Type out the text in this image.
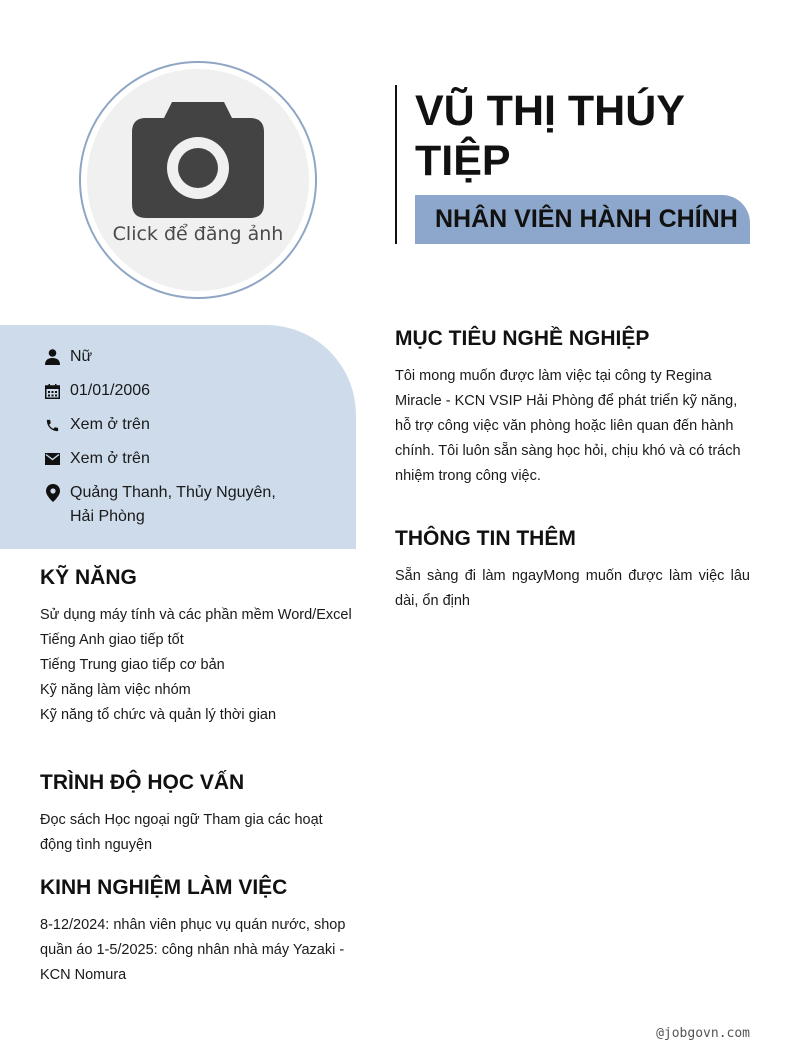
Click để đăng ảnh
VŨ THỊ THÚY TIỆP
NHÂN VIÊN HÀNH CHÍNH
Nữ
01/01/2006
Xem ở trên
Xem ở trên
Quảng Thanh, Thủy Nguyên, Hải Phòng
KỸ NĂNG
Sử dụng máy tính và các phần mềm Word/Excel
Tiếng Anh giao tiếp tốt
Tiếng Trung giao tiếp cơ bản
Kỹ năng làm việc nhóm
Kỹ năng tổ chức và quản lý thời gian
TRÌNH ĐỘ HỌC VẤN
Đọc sách Học ngoại ngữ Tham gia các hoạt động tình nguyện
KINH NGHIỆM LÀM VIỆC
8-12/2024: nhân viên phục vụ quán nước, shop quần áo 1-5/2025: công nhân nhà máy Yazaki - KCN Nomura
MỤC TIÊU NGHỀ NGHIỆP
Tôi mong muốn được làm việc tại công ty Regina Miracle - KCN VSIP Hải Phòng để phát triển kỹ năng, hỗ trợ công việc văn phòng hoặc liên quan đến hành chính. Tôi luôn sẵn sàng học hỏi, chịu khó và có trách nhiệm trong công việc.
THÔNG TIN THÊM
Sẵn sàng đi làm ngayMong muốn được làm việc lâu dài, ổn định
@jobgovn.com
